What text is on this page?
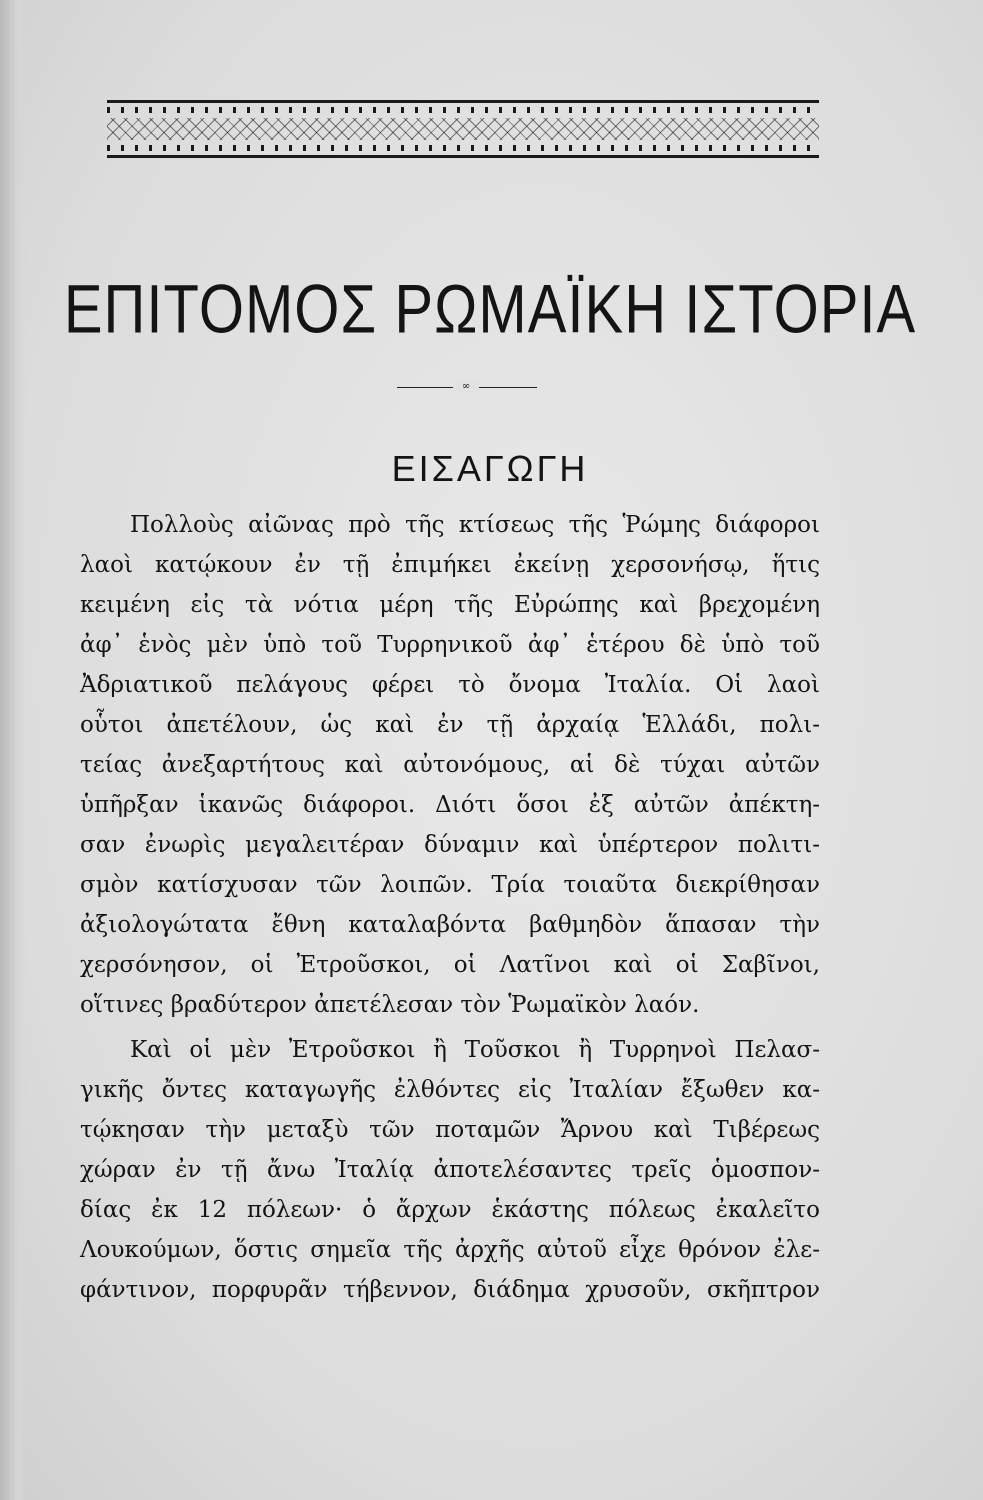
ΕΠΙΤΟΜΟΣ ΡΩΜΑΪΚΗ ΙΣΤΟΡΙΑ
∞
ΕΙΣΑΓΩΓΗ
Πολλοὺς αἰῶνας πρὸ τῆς κτίσεως τῆς Ῥώμης διάφοροι
λαοὶ κατῴκουν ἐν τῇ ἐπιμήκει ἐκείνῃ χερσονήσῳ, ἥτις
κειμένη εἰς τὰ νότια μέρη τῆς Εὐρώπης καὶ βρεχομένη
ἀφ᾽ ἑνὸς μὲν ὑπὸ τοῦ Τυρρηνικοῦ ἀφ᾽ ἑτέρου δὲ ὑπὸ τοῦ
Ἀδριατικοῦ πελάγους φέρει τὸ ὄνομα Ἰταλία. Οἱ λαοὶ
οὗτοι ἀπετέλουν, ὡς καὶ ἐν τῇ ἀρχαίᾳ Ἑλλάδι, πολι-
τείας ἀνεξαρτήτους καὶ αὐτονόμους, αἱ δὲ τύχαι αὐτῶν
ὑπῆρξαν ἱκανῶς διάφοροι. Διότι ὅσοι ἐξ αὐτῶν ἀπέκτη-
σαν ἐνωρὶς μεγαλειτέραν δύναμιν καὶ ὑπέρτερον πολιτι-
σμὸν κατίσχυσαν τῶν λοιπῶν. Τρία τοιαῦτα διεκρίθησαν
ἀξιολογώτατα ἔθνη καταλαβόντα βαθμηδὸν ἅπασαν τὴν
χερσόνησον, οἱ Ἐτροῦσκοι, οἱ Λατῖνοι καὶ οἱ Σαβῖνοι,
οἵτινες βραδύτερον ἀπετέλεσαν τὸν Ῥωμαϊκὸν λαόν.
Καὶ οἱ μὲν Ἐτροῦσκοι ἢ Τοῦσκοι ἢ Τυρρηνοὶ Πελασ-
γικῆς ὄντες καταγωγῆς ἐλθόντες εἰς Ἰταλίαν ἔξωθεν κα-
τῴκησαν τὴν μεταξὺ τῶν ποταμῶν Ἄρνου καὶ Τιβέρεως
χώραν ἐν τῇ ἄνω Ἰταλίᾳ ἀποτελέσαντες τρεῖς ὁμοσπον-
δίας ἐκ 12 πόλεων· ὁ ἄρχων ἑκάστης πόλεως ἐκαλεῖτο
Λουκούμων, ὅστις σημεῖα τῆς ἀρχῆς αὐτοῦ εἶχε θρόνον ἐλε-
φάντινον, πορφυρᾶν τήβεννον, διάδημα χρυσοῦν, σκῆπτρον
